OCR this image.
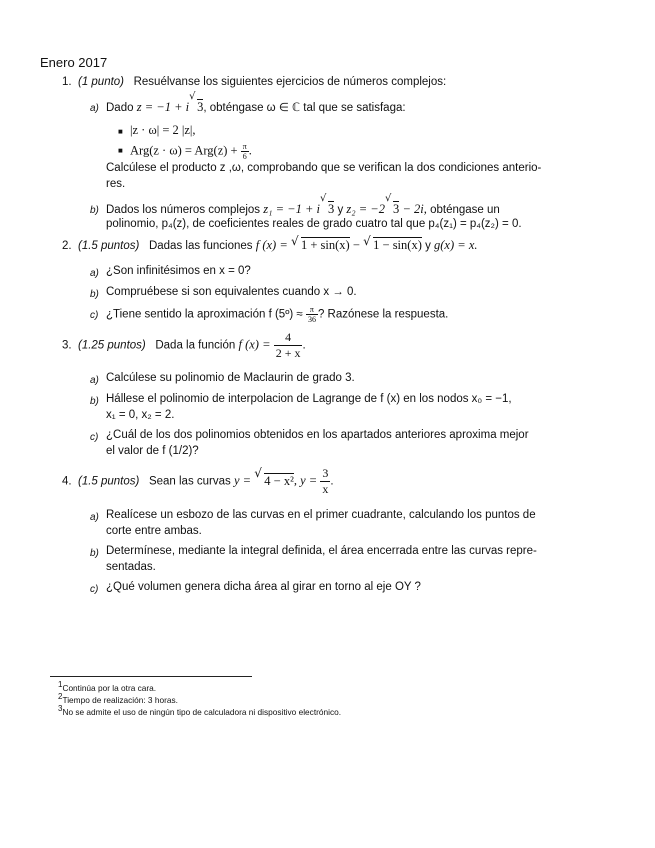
Enero 2017
1. (1 punto) Resuélvanse los siguientes ejercicios de números complejos:
a) Dado z = −1 + i
√
3, obténgase ω ∈ ℂ tal que se satisfaga:
■ |z · ω| = 2 |z|,
■ $Arg(z \cdot \omega) = Arg(z) + \frac{\pi}{6}$ .
Calcúlese el producto z ,ω, comprobando que se verifican la dos condiciones anterio-
res.
b) Dados los números complejos z₁ = −1 + i
√
3 y z₂ = −2
√
3 − 2i, obténgase un
polinomio, p₄(z), de coeficientes reales de grado cuatro tal que p₄(z₁) = p₄(z₂) = 0.
2. (1.5 puntos) Dadas las funciones f (x) = √ 1 + sin(x) − √ 1 − sin(x) y g(x) = x.
a) ¿Son infinitésimos en x = 0?
b) Compruébese si son equivalentes cuando x → 0.
c) ¿Tiene sentido la aproximación f (5º) ≈ $\frac{\pi}{36}$ ? Razónese la respuesta.
3. (1.25 puntos) Dada la función f $(x) = \frac{4}{2 + x}$ .
a) Calcúlese su polinomio de Maclaurin de grado 3.
b) Hállese el polinomio de interpolacion de Lagrange de f (x) en los nodos x₀ = −1,
x₁ = 0, x₂ = 2.
c) ¿Cuál de los dos polinomios obtenidos en los apartados anteriores aproxima mejor
el valor de f (1/2)?
4. (1.5 puntos) Sean las curvas y =
√
4 − x², $y = \frac{3}{x}$ .
a) Realícese un esbozo de las curvas en el primer cuadrante, calculando los puntos de
corte entre ambas.
b) Determínese, mediante la integral definida, el área encerrada entre las curvas repre-
sentadas.
c) ¿Qué volumen genera dicha área al girar en torno al eje OY ?
$^1$Continúa por la otra cara.
$^2$Tiempo de realización: 3 horas.
$^3$No se admite el uso de ningún tipo de calculadora ni dispositivo electrónico.
